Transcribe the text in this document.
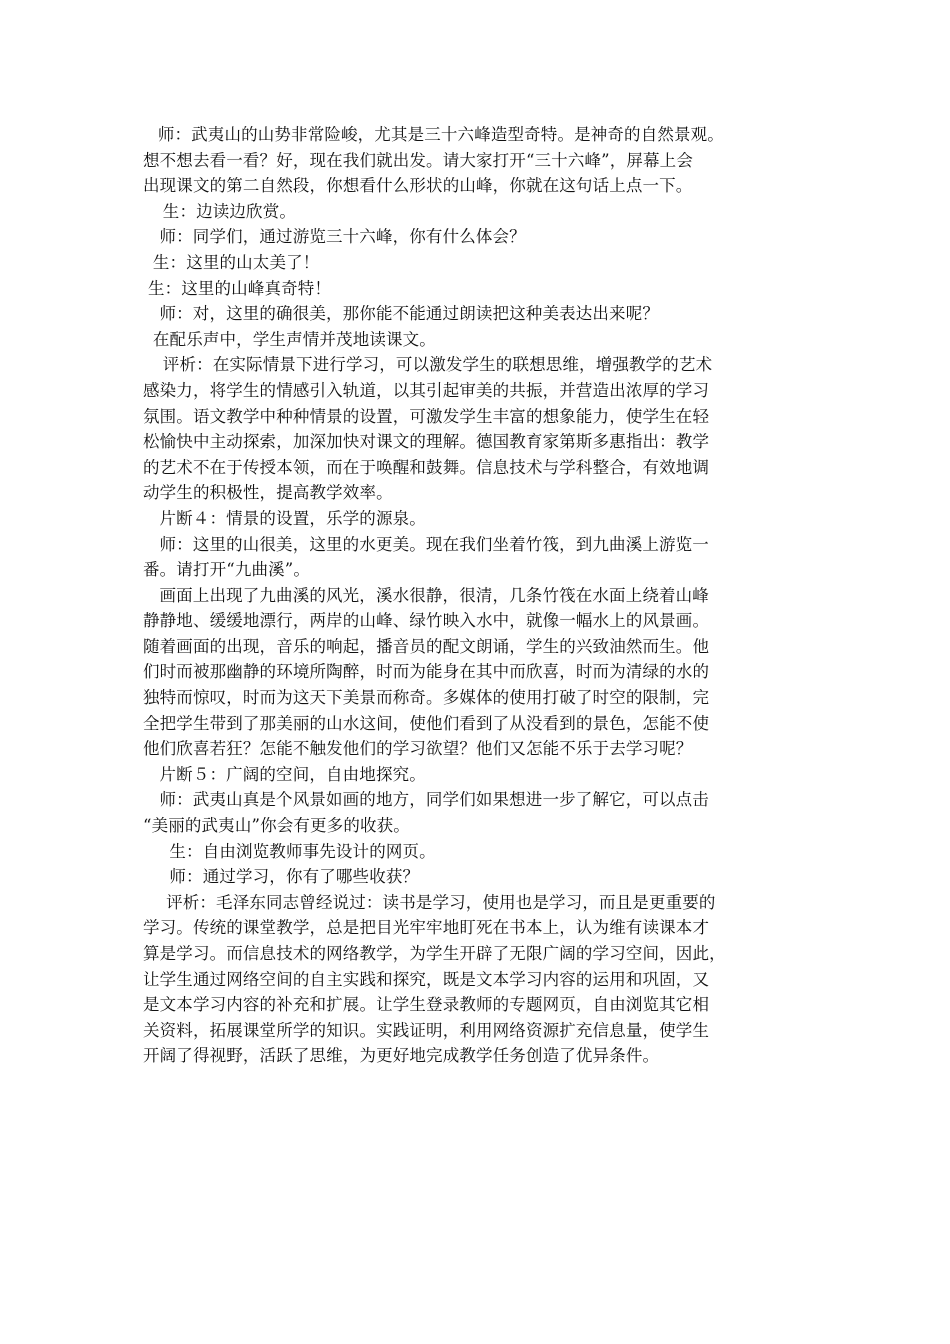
师：武夷山的山势非常险峻，尤其是三十六峰造型奇特。是神奇的自然景观。

想不想去看一看？好，现在我们就出发。请大家打开“三十六峰”，屏幕上会

出现课文的第二自然段，你想看什么形状的山峰，你就在这句话上点一下。

生：边读边欣赏。

师：同学们，通过游览三十六峰，你有什么体会？

生：这里的山太美了！

生：这里的山峰真奇特！

师：对，这里的确很美，那你能不能通过朗读把这种美表达出来呢？

在配乐声中，学生声情并茂地读课文。

评析：在实际情景下进行学习，可以激发学生的联想思维，增强教学的艺术

感染力，将学生的情感引入轨道，以其引起审美的共振，并营造出浓厚的学习

氛围。语文教学中种种情景的设置，可激发学生丰富的想象能力，使学生在轻

松愉快中主动探索，加深加快对课文的理解。德国教育家第斯多惠指出：教学

的艺术不在于传授本领，而在于唤醒和鼓舞。信息技术与学科整合，有效地调

动学生的积极性，提高教学效率。

片断４：情景的设置，乐学的源泉。

师：这里的山很美，这里的水更美。现在我们坐着竹筏，到九曲溪上游览一

番。请打开“九曲溪”。

画面上出现了九曲溪的风光，溪水很静，很清，几条竹筏在水面上绕着山峰

静静地、缓缓地漂行，两岸的山峰、绿竹映入水中，就像一幅水上的风景画。

随着画面的出现，音乐的响起，播音员的配文朗诵，学生的兴致油然而生。他

们时而被那幽静的环境所陶醉，时而为能身在其中而欣喜，时而为清绿的水的

独特而惊叹，时而为这天下美景而称奇。多媒体的使用打破了时空的限制，完

全把学生带到了那美丽的山水这间，使他们看到了从没看到的景色，怎能不使

他们欣喜若狂？怎能不触发他们的学习欲望？他们又怎能不乐于去学习呢？

片断５：广阔的空间，自由地探究。

师：武夷山真是个风景如画的地方，同学们如果想进一步了解它，可以点击

“美丽的武夷山”你会有更多的收获。

生：自由浏览教师事先设计的网页。

师：通过学习，你有了哪些收获？

评析：毛泽东同志曾经说过：读书是学习，使用也是学习，而且是更重要的

学习。传统的课堂教学，总是把目光牢牢地盯死在书本上，认为维有读课本才

算是学习。而信息技术的网络教学，为学生开辟了无限广阔的学习空间，因此，

让学生通过网络空间的自主实践和探究，既是文本学习内容的运用和巩固，又

是文本学习内容的补充和扩展。让学生登录教师的专题网页，自由浏览其它相

关资料，拓展课堂所学的知识。实践证明，利用网络资源扩充信息量，使学生

开阔了得视野，活跃了思维，为更好地完成教学任务创造了优异条件。
